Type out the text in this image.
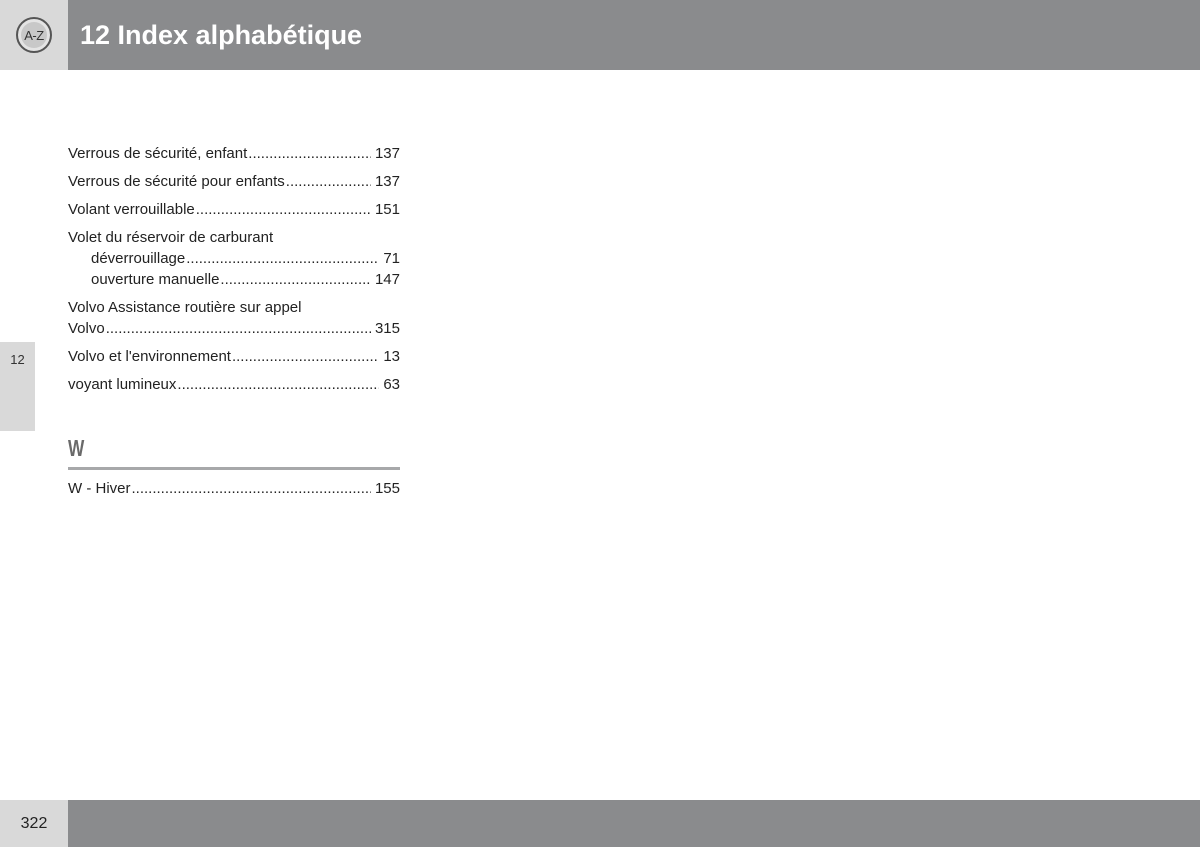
A-Z	12 Index alphabétique
12
Verrous de sécurité, enfant .....	137
Verrous de sécurité pour enfants .....	137
Volant verrouillable .....	151
Volet du réservoir de carburant
déverrouillage .....	71
ouverture manuelle .....	147
Volvo Assistance routière sur appel
Volvo .....	315
Volvo et l'environnement .....	13
voyant lumineux .....	63
W
W - Hiver .....	155
322
